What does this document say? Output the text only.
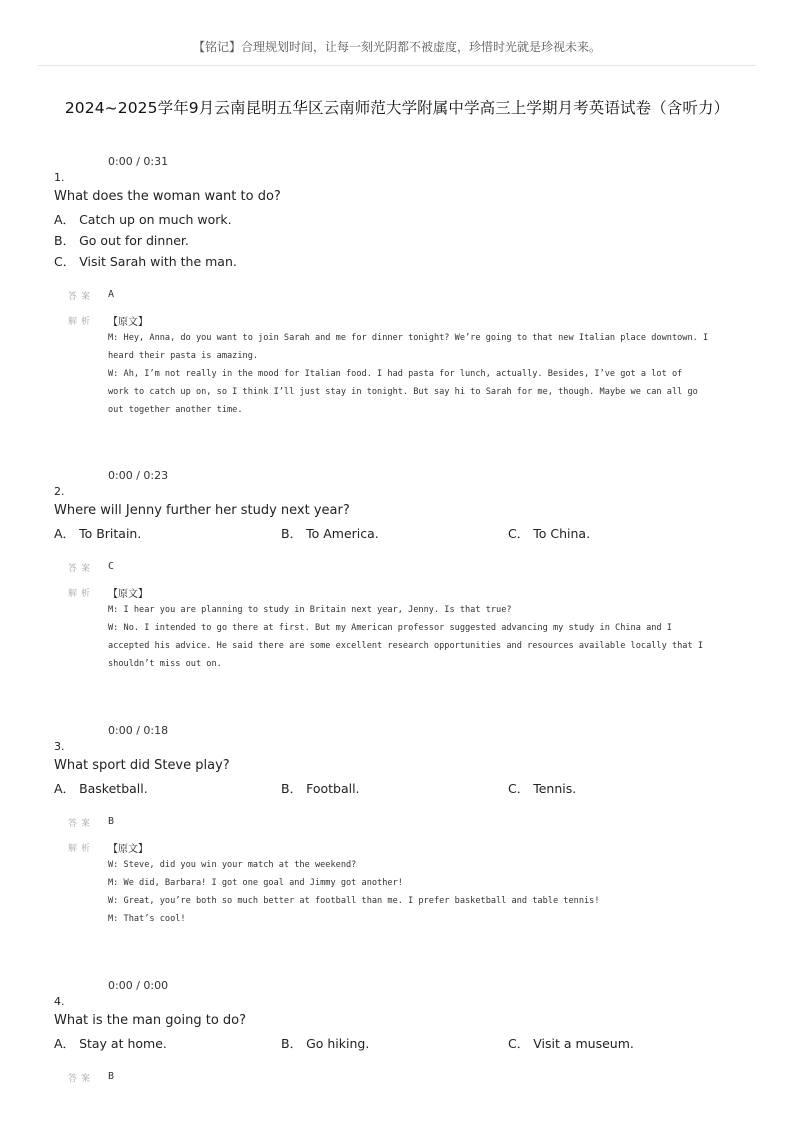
【铭记】合理规划时间，让每一刻光阴都不被虚度，珍惜时光就是珍视未来。
2024~2025学年9月云南昆明五华区云南师范大学附属中学高三上学期月考英语试卷（含听力）
0:00 / 0:31
1.
What does the woman want to do?
A． Catch up on much work.
B． Go out for dinner.
C． Visit Sarah with the man.
答案 A
解析 【原文】

M: Hey, Anna, do you want to join Sarah and me for dinner tonight? We’re going to that new Italian place downtown. I

heard their pasta is amazing.

W: Ah, I’m not really in the mood for Italian food. I had pasta for lunch, actually. Besides, I’ve got a lot of

work to catch up on, so I think I’ll just stay in tonight. But say hi to Sarah for me, though. Maybe we can all go

out together another time.

0:00 / 0:23
2.
Where will Jenny further her study next year?
A． To Britain.	B． To America.	C． To China.
答案 C
解析 【原文】

M: I hear you are planning to study in Britain next year, Jenny. Is that true?

W: No. I intended to go there at first. But my American professor suggested advancing my study in China and I

accepted his advice. He said there are some excellent research opportunities and resources available locally that I

shouldn’t miss out on.

0:00 / 0:18
3.
What sport did Steve play?
A． Basketball.	B． Football.	C． Tennis.
答案 B
解析 【原文】

W: Steve, did you win your match at the weekend?

M: We did, Barbara! I got one goal and Jimmy got another!

W: Great, you’re both so much better at football than me. I prefer basketball and table tennis!

M: That’s cool!

0:00 / 0:00
4.
What is the man going to do?
A． Stay at home.	B． Go hiking.	C． Visit a museum.
答案 B
